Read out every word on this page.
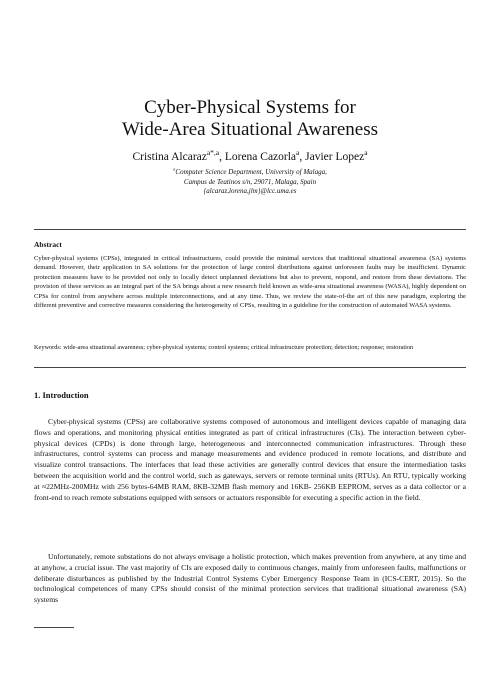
Cyber-Physical Systems for
Wide-Area Situational Awareness
Cristina Alcaraz$^{a*,a}$, Lorena Cazorla$^a$, Javier Lopez$^a$
$^a$Computer Science Department, University of Malaga,
Campus de Teatinos s/n, 29071, Malaga, Spain
{alcaraz,lorena,jlm}@lcc.uma.es
Abstract
Cyber-physical systems (CPSs), integrated in critical infrastructures, could provide the minimal services that traditional situational awareness (SA) systems demand. However, their application in SA solutions for the protection of large control distributions against unforeseen faults may be insufficient. Dynamic protection measures have to be provided not only to locally detect unplanned deviations but also to prevent, respond, and restore from these deviations. The provision of these services as an integral part of the SA brings about a new research field known as wide-area situational awareness (WASA), highly dependent on CPSs for control from anywhere across multiple interconnections, and at any time. Thus, we review the state-of-the art of this new paradigm, exploring the different preventive and corrective measures considering the heterogeneity of CPSs, resulting in a guideline for the construction of automated WASA systems.
Keywords: wide-area situational awareness; cyber-physical systems; control systems; critical infrastructure protection; detection; response; restoration
1. Introduction
Cyber-physical systems (CPSs) are collaborative systems composed of autonomous and intelligent devices capable of managing data flows and operations, and monitoring physical entities integrated as part of critical infrastructures (CIs). The interaction between cyber-physical devices (CPDs) is done through large, heterogeneous and interconnected communication infrastructures. Through these infrastructures, control systems can process and manage measurements and evidence produced in remote locations, and distribute and visualize control transactions. The interfaces that lead these activities are generally control devices that ensure the intermediation tasks between the acquisition world and the control world, such as gateways, servers or remote terminal units (RTUs). An RTU, typically working at ≈22MHz-200MHz with 256 bytes-64MB RAM, 8KB-32MB flash memory and 16KB- 256KB EEPROM, serves as a data collector or a front-end to reach remote substations equipped with sensors or actuators responsible for executing a specific action in the field.
Unfortunately, remote substations do not always envisage a holistic protection, which makes prevention from anywhere, at any time and at anyhow, a crucial issue. The vast majority of CIs are exposed daily to continuous changes, mainly from unforeseen faults, malfunctions or deliberate disturbances as published by the Industrial Control Systems Cyber Emergency Response Team in (ICS-CERT, 2015). So the technological competences of many CPSs should consist of the minimal protection services that traditional situational awareness (SA) systems
